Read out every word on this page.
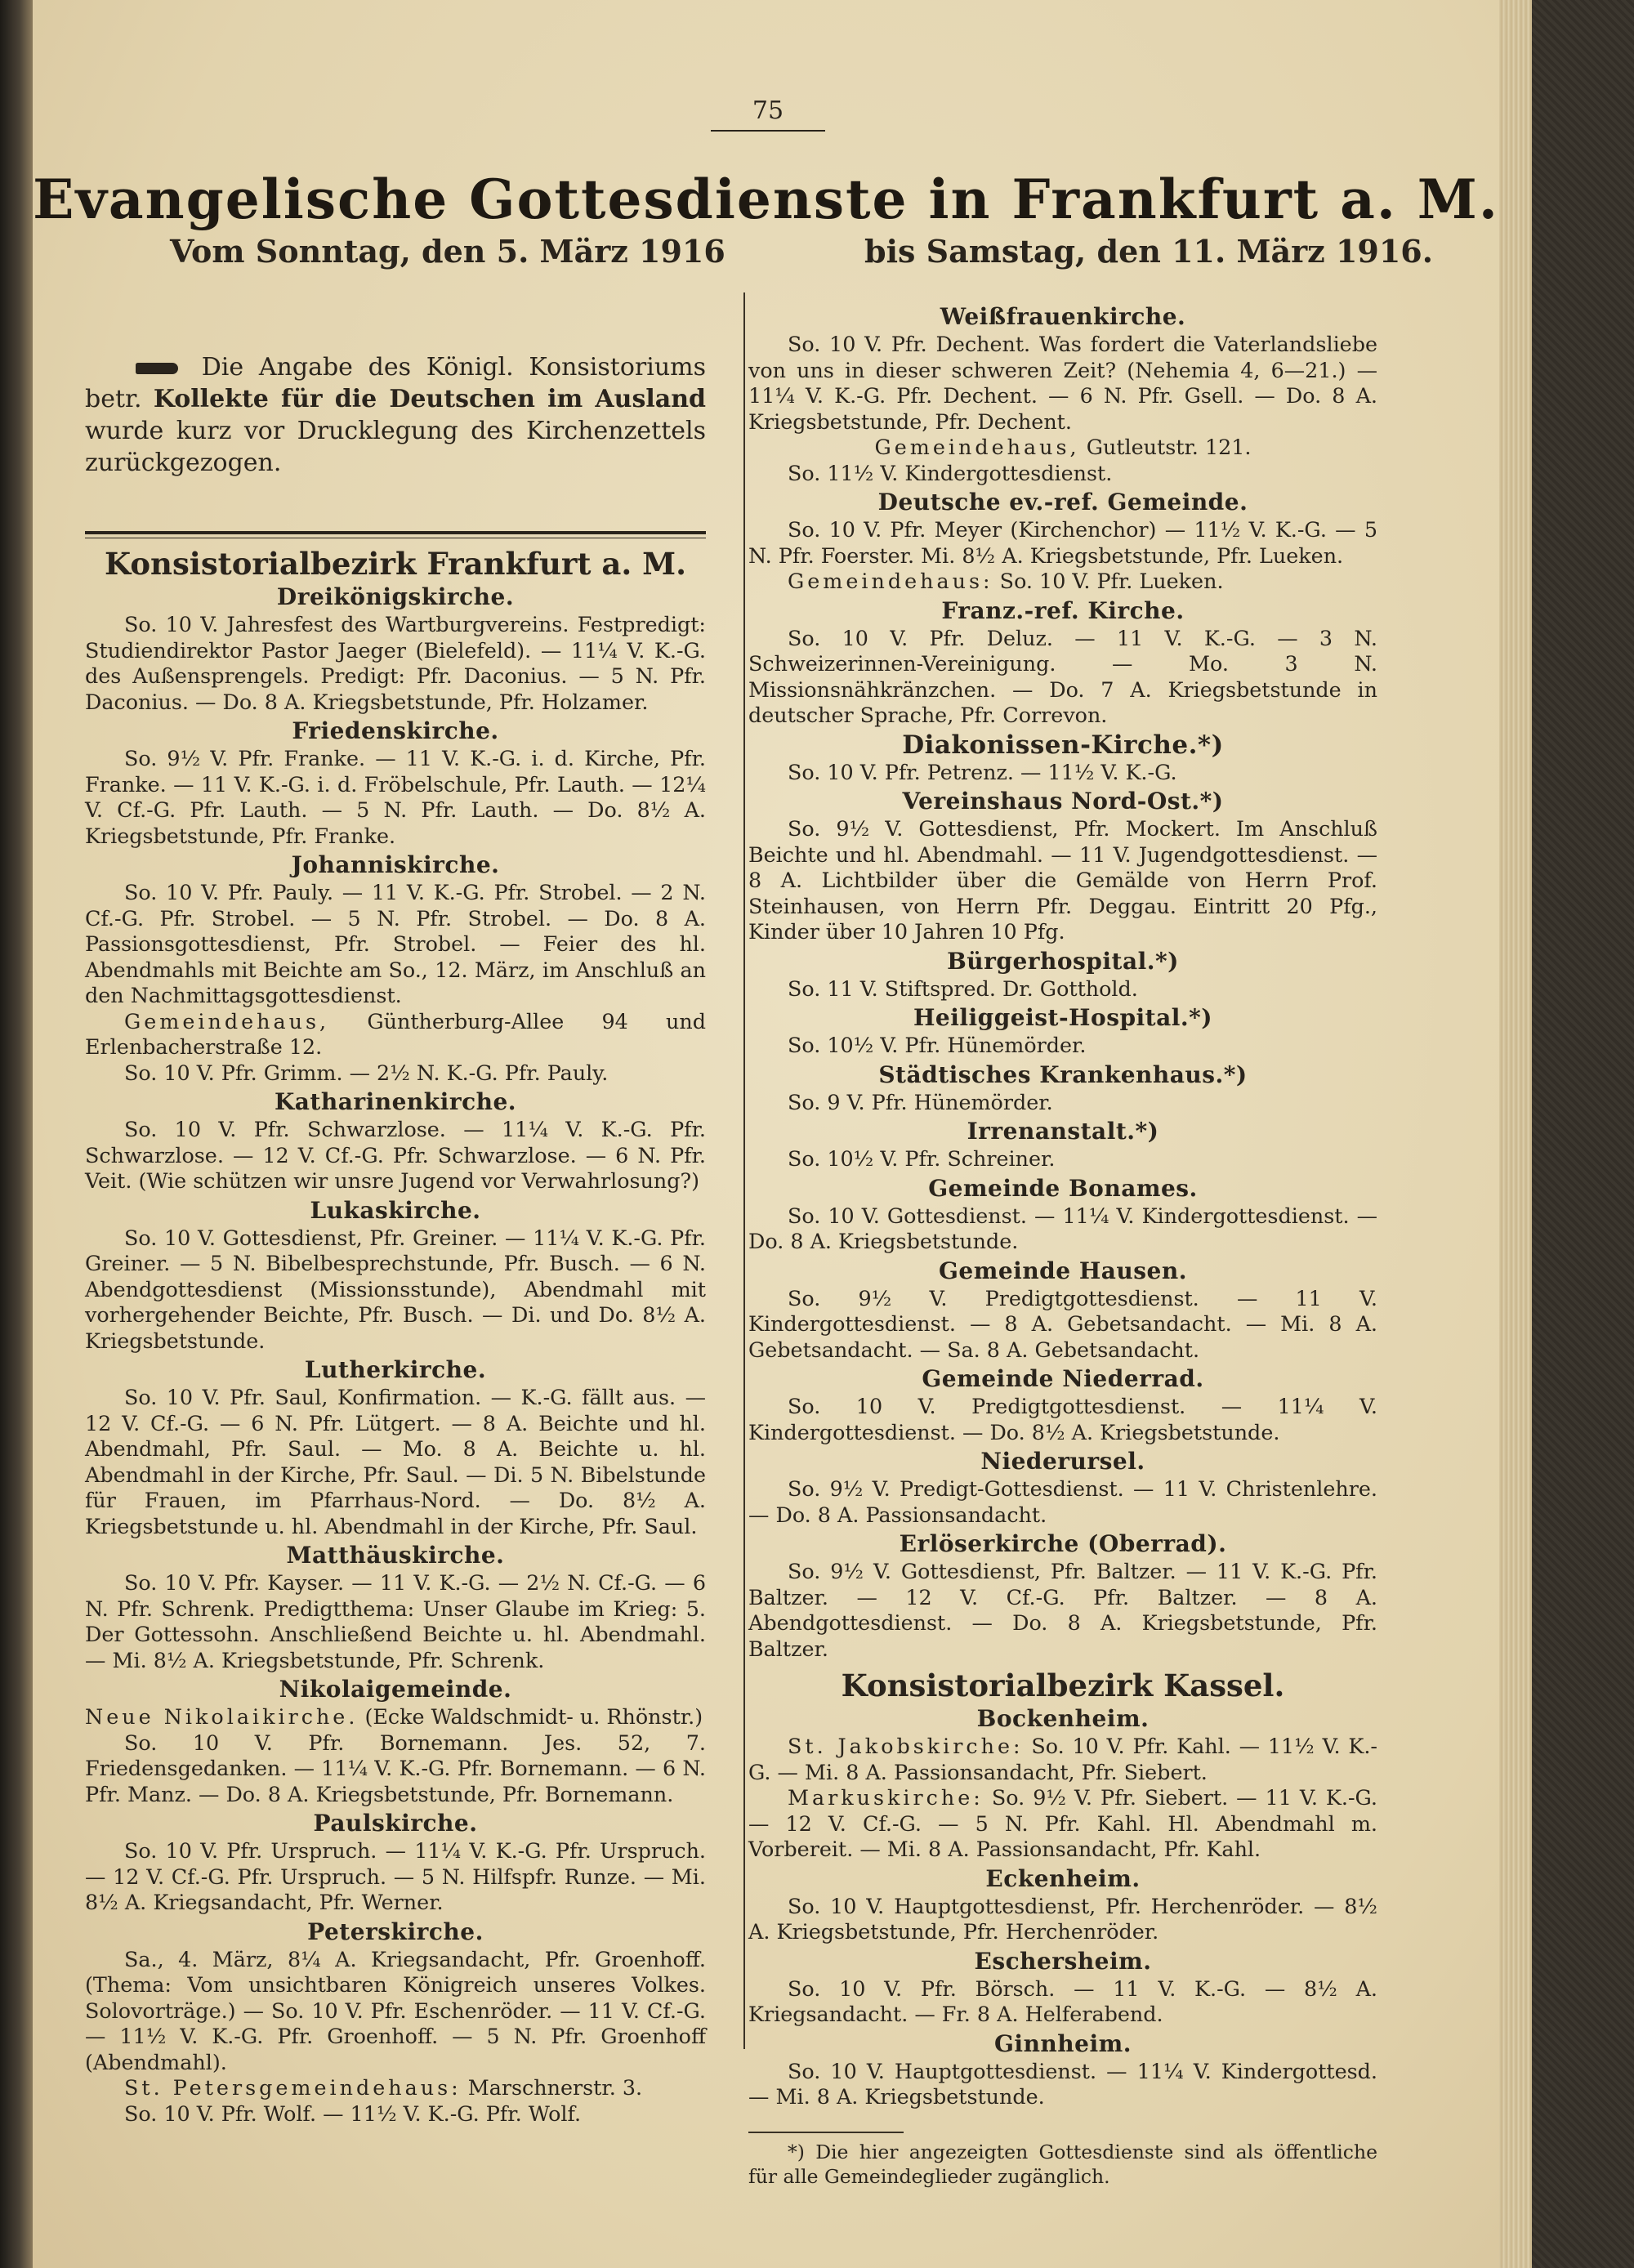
75
Evangelische Gottesdienste in Frankfurt a. M.
Vom Sonntag, den 5. März 1916	bis Samstag, den 11. März 1916.

Die Angabe des Königl. Konsistoriums betr. Kollekte für die Deutschen im Ausland wurde kurz vor Drucklegung des Kirchenzettels zurückgezogen.

Konsistorialbezirk Frankfurt a. M.
Dreikönigskirche.

So. 10 V. Jahresfest des Wartburgvereins. Festpredigt: Studiendirektor Pastor Jaeger (Bielefeld). — 11¼ V. K.-G. des Außensprengels. Predigt: Pfr. Daconius. — 5 N. Pfr. Daconius. — Do. 8 A. Kriegsbetstunde, Pfr. Holzamer.

Friedenskirche.

So. 9½ V. Pfr. Franke. — 11 V. K.-G. i. d. Kirche, Pfr. Franke. — 11 V. K.-G. i. d. Fröbelschule, Pfr. Lauth. — 12¼ V. Cf.-G. Pfr. Lauth. — 5 N. Pfr. Lauth. — Do. 8½ A. Kriegsbetstunde, Pfr. Franke.

Johanniskirche.

So. 10 V. Pfr. Pauly. — 11 V. K.-G. Pfr. Strobel. — 2 N. Cf.-G. Pfr. Strobel. — 5 N. Pfr. Strobel. — Do. 8 A. Passionsgottesdienst, Pfr. Strobel. — Feier des hl. Abendmahls mit Beichte am So., 12. März, im Anschluß an den Nachmittagsgottesdienst.

Gemeindehaus, Güntherburg-Allee 94 und Erlenbacherstraße 12.

So. 10 V. Pfr. Grimm. — 2½ N. K.-G. Pfr. Pauly.

Katharinenkirche.

So. 10 V. Pfr. Schwarzlose. — 11¼ V. K.-G. Pfr. Schwarzlose. — 12 V. Cf.-G. Pfr. Schwarzlose. — 6 N. Pfr. Veit. (Wie schützen wir unsre Jugend vor Verwahrlosung?)

Lukaskirche.

So. 10 V. Gottesdienst, Pfr. Greiner. — 11¼ V. K.-G. Pfr. Greiner. — 5 N. Bibelbesprechstunde, Pfr. Busch. — 6 N. Abendgottesdienst (Missionsstunde), Abendmahl mit vorhergehender Beichte, Pfr. Busch. — Di. und Do. 8½ A. Kriegsbetstunde.

Lutherkirche.

So. 10 V. Pfr. Saul, Konfirmation. — K.-G. fällt aus. — 12 V. Cf.-G. — 6 N. Pfr. Lütgert. — 8 A. Beichte und hl. Abendmahl, Pfr. Saul. — Mo. 8 A. Beichte u. hl. Abendmahl in der Kirche, Pfr. Saul. — Di. 5 N. Bibelstunde für Frauen, im Pfarrhaus-Nord. — Do. 8½ A. Kriegsbetstunde u. hl. Abendmahl in der Kirche, Pfr. Saul.

Matthäuskirche.

So. 10 V. Pfr. Kayser. — 11 V. K.-G. — 2½ N. Cf.-G. — 6 N. Pfr. Schrenk. Predigtthema: Unser Glaube im Krieg: 5. Der Gottessohn. Anschließend Beichte u. hl. Abendmahl. — Mi. 8½ A. Kriegsbetstunde, Pfr. Schrenk.

Nikolaigemeinde.

Neue Nikolaikirche. (Ecke Waldschmidt- u. Rhönstr.)

So. 10 V. Pfr. Bornemann. Jes. 52, 7. Friedensgedanken. — 11¼ V. K.-G. Pfr. Bornemann. — 6 N. Pfr. Manz. — Do. 8 A. Kriegsbetstunde, Pfr. Bornemann.

Paulskirche.

So. 10 V. Pfr. Urspruch. — 11¼ V. K.-G. Pfr. Urspruch. — 12 V. Cf.-G. Pfr. Urspruch. — 5 N. Hilfspfr. Runze. — Mi. 8½ A. Kriegsandacht, Pfr. Werner.

Peterskirche.

Sa., 4. März, 8¼ A. Kriegsandacht, Pfr. Groenhoff. (Thema: Vom unsichtbaren Königreich unseres Volkes. Solovorträge.) — So. 10 V. Pfr. Eschenröder. — 11 V. Cf.-G. — 11½ V. K.-G. Pfr. Groenhoff. — 5 N. Pfr. Groenhoff (Abendmahl).

St. Petersgemeindehaus: Marschnerstr. 3.

So. 10 V. Pfr. Wolf. — 11½ V. K.-G. Pfr. Wolf.

Weißfrauenkirche.

So. 10 V. Pfr. Dechent. Was fordert die Vaterlandsliebe von uns in dieser schweren Zeit? (Nehemia 4, 6—21.) — 11¼ V. K.-G. Pfr. Dechent. — 6 N. Pfr. Gsell. — Do. 8 A. Kriegsbetstunde, Pfr. Dechent.

Gemeindehaus, Gutleutstr. 121.

So. 11½ V. Kindergottesdienst.

Deutsche ev.-ref. Gemeinde.

So. 10 V. Pfr. Meyer (Kirchenchor) — 11½ V. K.-G. — 5 N. Pfr. Foerster. Mi. 8½ A. Kriegsbetstunde, Pfr. Lueken.

Gemeindehaus: So. 10 V. Pfr. Lueken.

Franz.-ref. Kirche.

So. 10 V. Pfr. Deluz. — 11 V. K.-G. — 3 N. Schweizerinnen-Vereinigung. — Mo. 3 N. Missionsnähkränzchen. — Do. 7 A. Kriegsbetstunde in deutscher Sprache, Pfr. Correvon.

Diakonissen-Kirche.*)

So. 10 V. Pfr. Petrenz. — 11½ V. K.-G.

Vereinshaus Nord-Ost.*)

So. 9½ V. Gottesdienst, Pfr. Mockert. Im Anschluß Beichte und hl. Abendmahl. — 11 V. Jugendgottesdienst. — 8 A. Lichtbilder über die Gemälde von Herrn Prof. Steinhausen, von Herrn Pfr. Deggau. Eintritt 20 Pfg., Kinder über 10 Jahren 10 Pfg.

Bürgerhospital.*)

So. 11 V. Stiftspred. Dr. Gotthold.

Heiliggeist-Hospital.*)

So. 10½ V. Pfr. Hünemörder.

Städtisches Krankenhaus.*)

So. 9 V. Pfr. Hünemörder.

Irrenanstalt.*)

So. 10½ V. Pfr. Schreiner.

Gemeinde Bonames.

So. 10 V. Gottesdienst. — 11¼ V. Kindergottesdienst. — Do. 8 A. Kriegsbetstunde.

Gemeinde Hausen.

So. 9½ V. Predigtgottesdienst. — 11 V. Kindergottesdienst. — 8 A. Gebetsandacht. — Mi. 8 A. Gebetsandacht. — Sa. 8 A. Gebetsandacht.

Gemeinde Niederrad.

So. 10 V. Predigtgottesdienst. — 11¼ V. Kindergottesdienst. — Do. 8½ A. Kriegsbetstunde.

Niederursel.

So. 9½ V. Predigt-Gottesdienst. — 11 V. Christenlehre. — Do. 8 A. Passionsandacht.

Erlöserkirche (Oberrad).

So. 9½ V. Gottesdienst, Pfr. Baltzer. — 11 V. K.-G. Pfr. Baltzer. — 12 V. Cf.-G. Pfr. Baltzer. — 8 A. Abendgottesdienst. — Do. 8 A. Kriegsbetstunde, Pfr. Baltzer.

Konsistorialbezirk Kassel.
Bockenheim.

St. Jakobskirche: So. 10 V. Pfr. Kahl. — 11½ V. K.-G. — Mi. 8 A. Passionsandacht, Pfr. Siebert.

Markuskirche: So. 9½ V. Pfr. Siebert. — 11 V. K.-G. — 12 V. Cf.-G. — 5 N. Pfr. Kahl. Hl. Abendmahl m. Vorbereit. — Mi. 8 A. Passionsandacht, Pfr. Kahl.

Eckenheim.

So. 10 V. Hauptgottesdienst, Pfr. Herchenröder. — 8½ A. Kriegsbetstunde, Pfr. Herchenröder.

Eschersheim.

So. 10 V. Pfr. Börsch. — 11 V. K.-G. — 8½ A. Kriegsandacht. — Fr. 8 A. Helferabend.

Ginnheim.

So. 10 V. Hauptgottesdienst. — 11¼ V. Kindergottesd. — Mi. 8 A. Kriegsbetstunde.

*) Die hier angezeigten Gottesdienste sind als öffentliche für alle Gemeindeglieder zugänglich.
